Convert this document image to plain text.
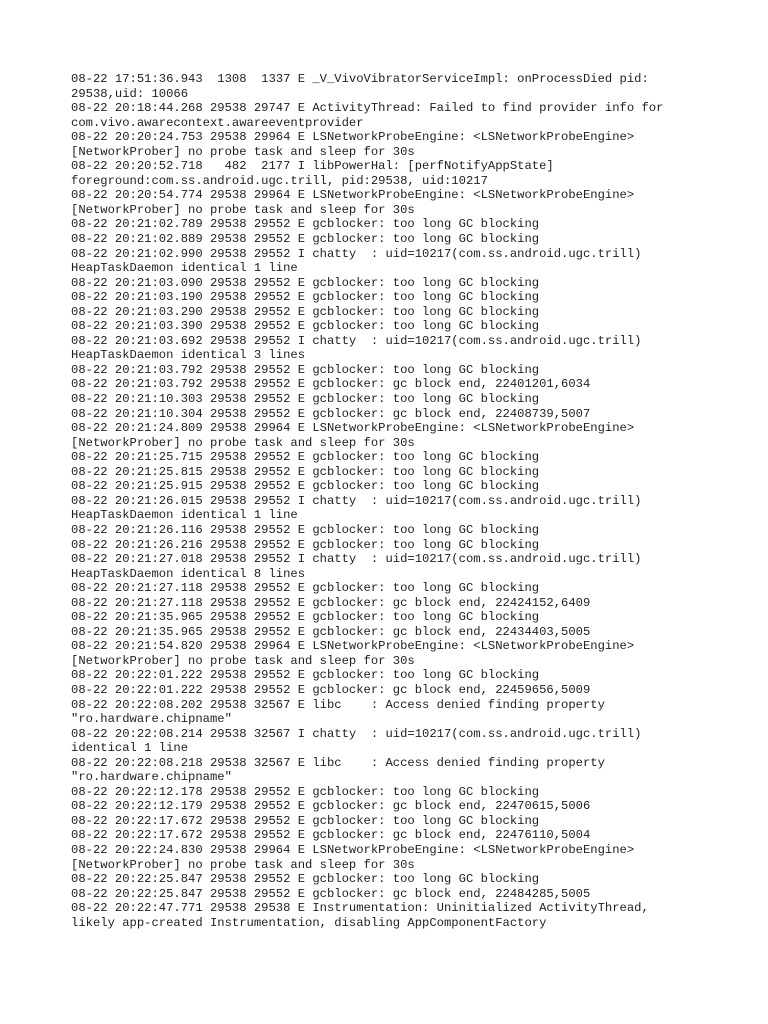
08-22 17:51:36.943  1308  1337 E _V_VivoVibratorServiceImpl: onProcessDied pid:
29538,uid: 10066
08-22 20:18:44.268 29538 29747 E ActivityThread: Failed to find provider info for
com.vivo.awarecontext.awareeventprovider
08-22 20:20:24.753 29538 29964 E LSNetworkProbeEngine: <LSNetworkProbeEngine>
[NetworkProber] no probe task and sleep for 30s
08-22 20:20:52.718   482  2177 I libPowerHal: [perfNotifyAppState]
foreground:com.ss.android.ugc.trill, pid:29538, uid:10217
08-22 20:20:54.774 29538 29964 E LSNetworkProbeEngine: <LSNetworkProbeEngine>
[NetworkProber] no probe task and sleep for 30s
08-22 20:21:02.789 29538 29552 E gcblocker: too long GC blocking
08-22 20:21:02.889 29538 29552 E gcblocker: too long GC blocking
08-22 20:21:02.990 29538 29552 I chatty  : uid=10217(com.ss.android.ugc.trill)
HeapTaskDaemon identical 1 line
08-22 20:21:03.090 29538 29552 E gcblocker: too long GC blocking
08-22 20:21:03.190 29538 29552 E gcblocker: too long GC blocking
08-22 20:21:03.290 29538 29552 E gcblocker: too long GC blocking
08-22 20:21:03.390 29538 29552 E gcblocker: too long GC blocking
08-22 20:21:03.692 29538 29552 I chatty  : uid=10217(com.ss.android.ugc.trill)
HeapTaskDaemon identical 3 lines
08-22 20:21:03.792 29538 29552 E gcblocker: too long GC blocking
08-22 20:21:03.792 29538 29552 E gcblocker: gc block end, 22401201,6034
08-22 20:21:10.303 29538 29552 E gcblocker: too long GC blocking
08-22 20:21:10.304 29538 29552 E gcblocker: gc block end, 22408739,5007
08-22 20:21:24.809 29538 29964 E LSNetworkProbeEngine: <LSNetworkProbeEngine>
[NetworkProber] no probe task and sleep for 30s
08-22 20:21:25.715 29538 29552 E gcblocker: too long GC blocking
08-22 20:21:25.815 29538 29552 E gcblocker: too long GC blocking
08-22 20:21:25.915 29538 29552 E gcblocker: too long GC blocking
08-22 20:21:26.015 29538 29552 I chatty  : uid=10217(com.ss.android.ugc.trill)
HeapTaskDaemon identical 1 line
08-22 20:21:26.116 29538 29552 E gcblocker: too long GC blocking
08-22 20:21:26.216 29538 29552 E gcblocker: too long GC blocking
08-22 20:21:27.018 29538 29552 I chatty  : uid=10217(com.ss.android.ugc.trill)
HeapTaskDaemon identical 8 lines
08-22 20:21:27.118 29538 29552 E gcblocker: too long GC blocking
08-22 20:21:27.118 29538 29552 E gcblocker: gc block end, 22424152,6409
08-22 20:21:35.965 29538 29552 E gcblocker: too long GC blocking
08-22 20:21:35.965 29538 29552 E gcblocker: gc block end, 22434403,5005
08-22 20:21:54.820 29538 29964 E LSNetworkProbeEngine: <LSNetworkProbeEngine>
[NetworkProber] no probe task and sleep for 30s
08-22 20:22:01.222 29538 29552 E gcblocker: too long GC blocking
08-22 20:22:01.222 29538 29552 E gcblocker: gc block end, 22459656,5009
08-22 20:22:08.202 29538 32567 E libc    : Access denied finding property
"ro.hardware.chipname"
08-22 20:22:08.214 29538 32567 I chatty  : uid=10217(com.ss.android.ugc.trill)
identical 1 line
08-22 20:22:08.218 29538 32567 E libc    : Access denied finding property
"ro.hardware.chipname"
08-22 20:22:12.178 29538 29552 E gcblocker: too long GC blocking
08-22 20:22:12.179 29538 29552 E gcblocker: gc block end, 22470615,5006
08-22 20:22:17.672 29538 29552 E gcblocker: too long GC blocking
08-22 20:22:17.672 29538 29552 E gcblocker: gc block end, 22476110,5004
08-22 20:22:24.830 29538 29964 E LSNetworkProbeEngine: <LSNetworkProbeEngine>
[NetworkProber] no probe task and sleep for 30s
08-22 20:22:25.847 29538 29552 E gcblocker: too long GC blocking
08-22 20:22:25.847 29538 29552 E gcblocker: gc block end, 22484285,5005
08-22 20:22:47.771 29538 29538 E Instrumentation: Uninitialized ActivityThread,
likely app-created Instrumentation, disabling AppComponentFactory
